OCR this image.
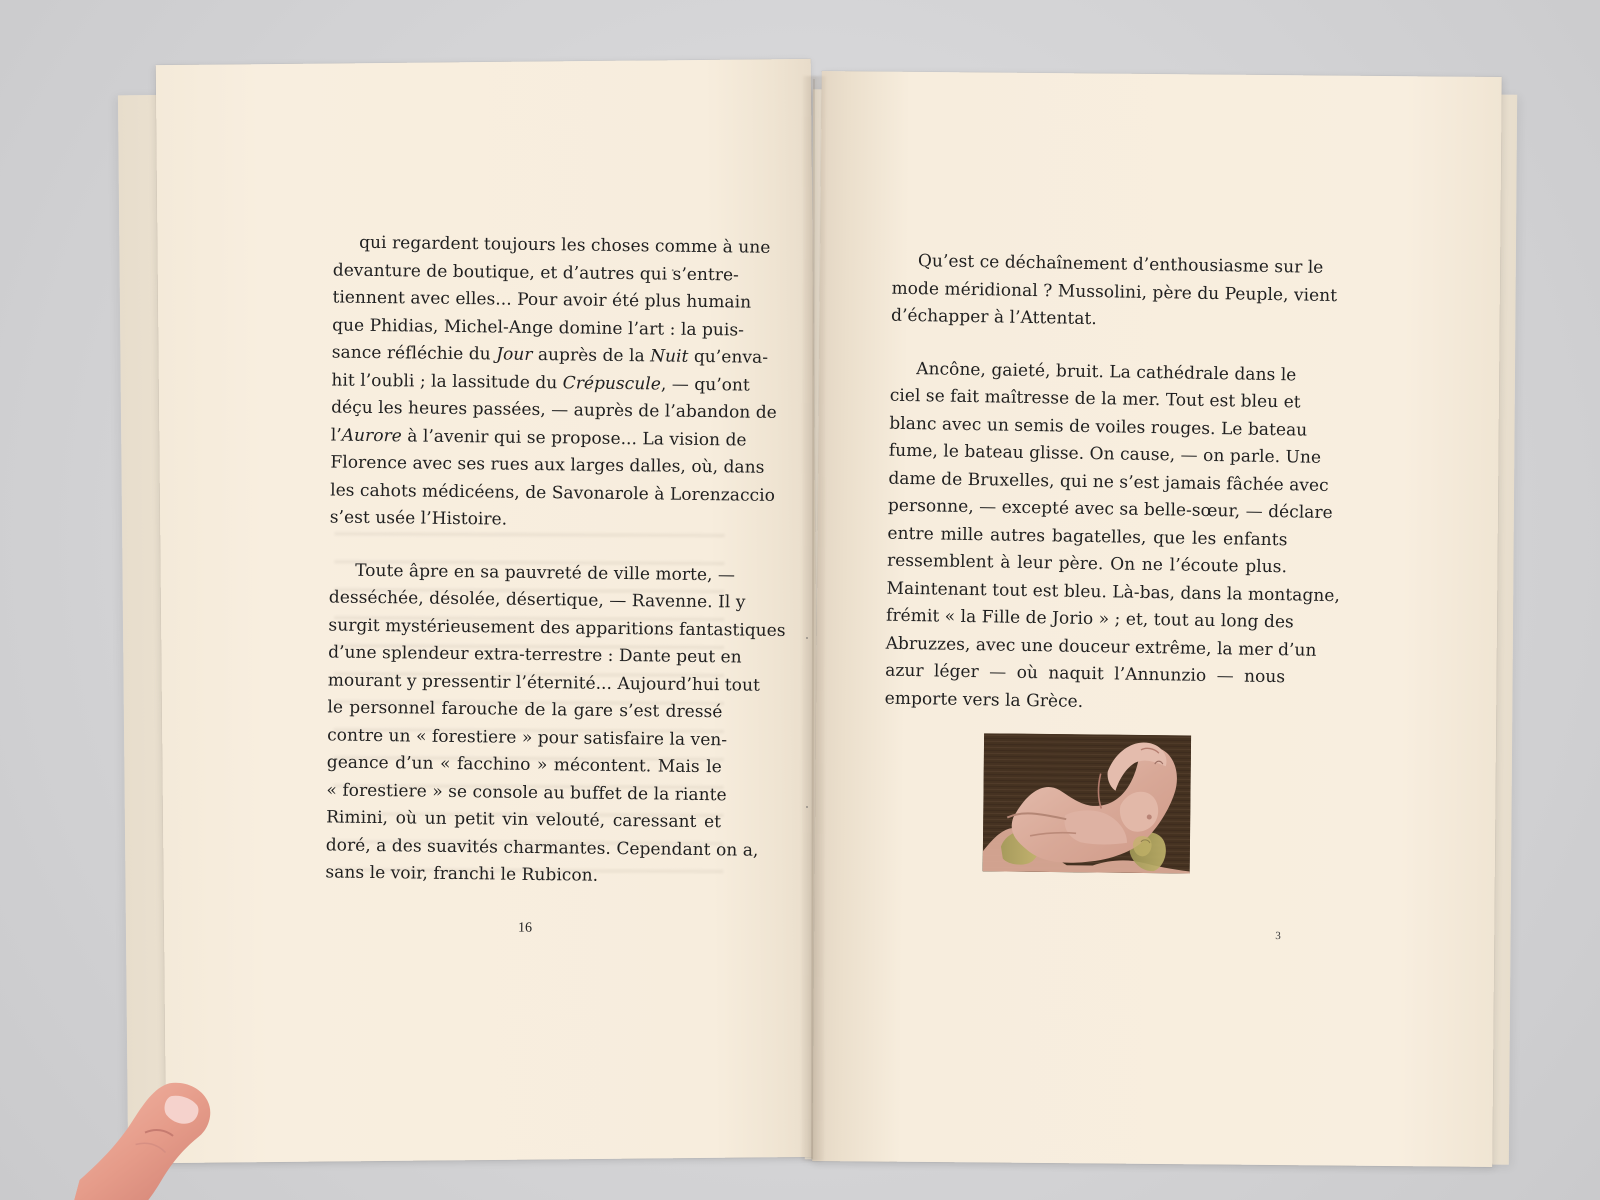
qui regardent toujours les choses comme à une
devanture de boutique, et d’autres qui s’entre-
tiennent avec elles... Pour avoir été plus humain
que Phidias, Michel-Ange domine l’art : la puis-
sance réfléchie du Jour auprès de la Nuit qu’enva-
hit l’oubli ; la lassitude du Crépuscule, — qu’ont
déçu les heures passées, — auprès de l’abandon de
l’Aurore à l’avenir qui se propose... La vision de
Florence avec ses rues aux larges dalles, où, dans
les cahots médicéens, de Savonarole à Lorenzaccio
s’est usée l’Histoire.
Toute âpre en sa pauvreté de ville morte, —
desséchée, désolée, désertique, — Ravenne. Il y
surgit mystérieusement des apparitions fantastiques
d’une splendeur extra-terrestre : Dante peut en
mourant y pressentir l’éternité... Aujourd’hui tout
le personnel farouche de la gare s’est dressé
contre un « forestiere » pour satisfaire la ven-
geance d’un « facchino » mécontent. Mais le
« forestiere » se console au buffet de la riante
Rimini, où un petit vin velouté, caressant et
doré, a des suavités charmantes. Cependant on a,
sans le voir, franchi le Rubicon.
16
Qu’est ce déchaînement d’enthousiasme sur le
mode méridional ? Mussolini, père du Peuple, vient
d’échapper à l’Attentat.
Ancône, gaieté, bruit. La cathédrale dans le
ciel se fait maîtresse de la mer. Tout est bleu et
blanc avec un semis de voiles rouges. Le bateau
fume, le bateau glisse. On cause, — on parle. Une
dame de Bruxelles, qui ne s’est jamais fâchée avec
personne, — excepté avec sa belle-sœur, — déclare
entre mille autres bagatelles, que les enfants
ressemblent à leur père. On ne l’écoute plus.
Maintenant tout est bleu. Là-bas, dans la montagne,
frémit « la Fille de Jorio » ; et, tout au long des
Abruzzes, avec une douceur extrême, la mer d’un
azur léger — où naquit l’Annunzio — nous
emporte vers la Grèce.
3
